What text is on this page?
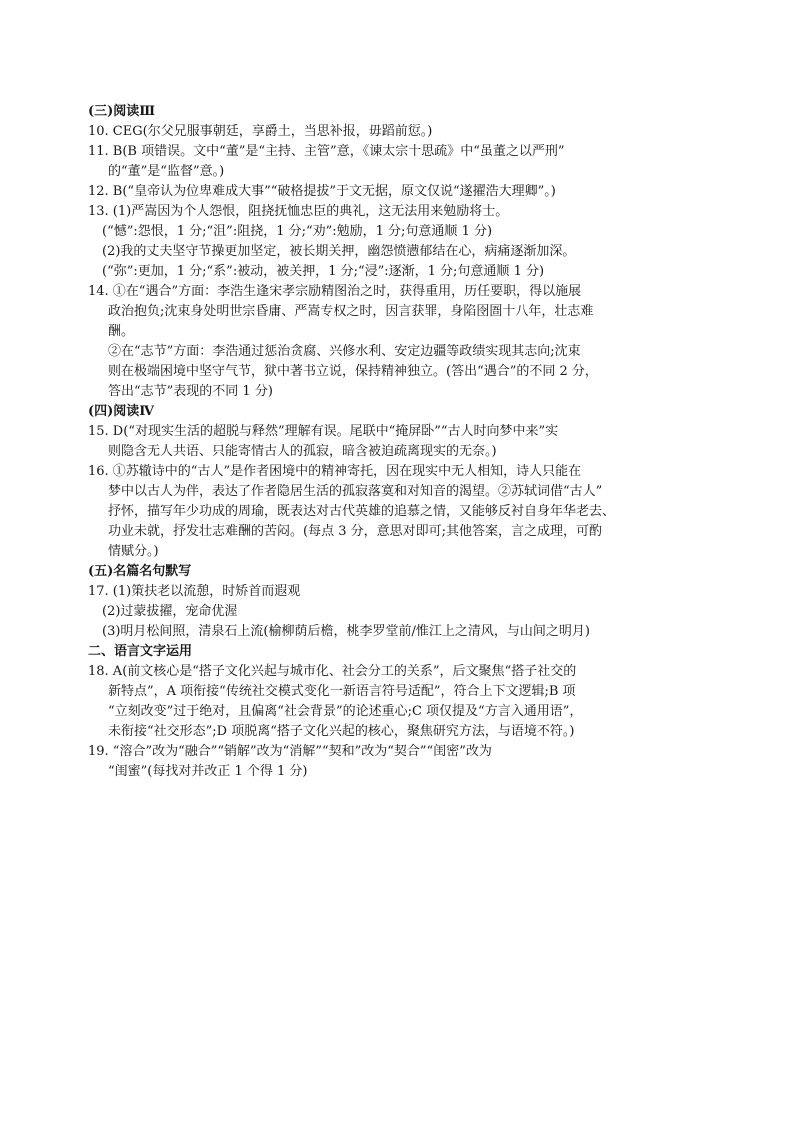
(三)阅读Ⅲ
10. CEG(尔父兄服事朝廷，享爵土，当思补报，毋蹈前愆。)
11. B(B 项错误。文中“董”是“主持、主管”意，《谏太宗十思疏》中“虽董之以严刑”
的“董”是“监督”意。)
12. B(“皇帝认为位卑难成大事”“破格提拔”于文无据，原文仅说“遂擢浩大理卿”。)
13. (1)严嵩因为个人怨恨，阻挠抚恤忠臣的典礼，这无法用来勉励将士。
(“憾”:怨恨，1 分;“沮”:阻挠，1 分;“劝”:勉励，1 分;句意通顺 1 分)
(2)我的丈夫坚守节操更加坚定，被长期关押，幽怨愤懑郁结在心，病痛逐渐加深。
(“弥”:更加，1 分;“系”:被动，被关押，1 分;“浸”:逐渐，1 分;句意通顺 1 分)
14. ①在“遇合”方面：李浩生逢宋孝宗励精图治之时，获得重用，历任要职，得以施展
政治抱负;沈束身处明世宗昏庸、严嵩专权之时，因言获罪，身陷囹圄十八年，壮志难
酬。
②在“志节”方面：李浩通过惩治贪腐、兴修水利、安定边疆等政绩实现其志向;沈束
则在极端困境中坚守气节，狱中著书立说，保持精神独立。(答出“遇合”的不同 2 分，
答出“志节”表现的不同 1 分)
(四)阅读Ⅳ
15. D(“对现实生活的超脱与释然”理解有误。尾联中“掩屏卧”“古人时向梦中来”实
则隐含无人共语、只能寄情古人的孤寂，暗含被迫疏离现实的无奈。)
16. ①苏辙诗中的“古人”是作者困境中的精神寄托，因在现实中无人相知，诗人只能在
梦中以古人为伴，表达了作者隐居生活的孤寂落寞和对知音的渴望。②苏轼词借“古人”
抒怀，描写年少功成的周瑜，既表达对古代英雄的追慕之情，又能够反衬自身年华老去、
功业未就，抒发壮志难酬的苦闷。(每点 3 分，意思对即可;其他答案，言之成理，可酌
情赋分。)
(五)名篇名句默写
17. (1)策扶老以流憩，时矫首而遐观
(2)过蒙拔擢，宠命优渥
(3)明月松间照，清泉石上流(榆柳荫后檐，桃李罗堂前/惟江上之清风，与山间之明月)
二、语言文字运用
18. A(前文核心是“搭子文化兴起与城市化、社会分工的关系”，后文聚焦“搭子社交的
新特点”，A 项衔接“传统社交模式变化一新语言符号适配”，符合上下文逻辑;B 项
“立刻改变”过于绝对，且偏离“社会背景”的论述重心;C 项仅提及“方言入通用语”，
未衔接“社交形态”;D 项脱离“搭子文化兴起的核心，聚焦研究方法，与语境不符。)
19. “溶合”改为“融合”“销解”改为“消解”“契和”改为“契合”“闺密”改为
“闺蜜”(每找对并改正 1 个得 1 分)
